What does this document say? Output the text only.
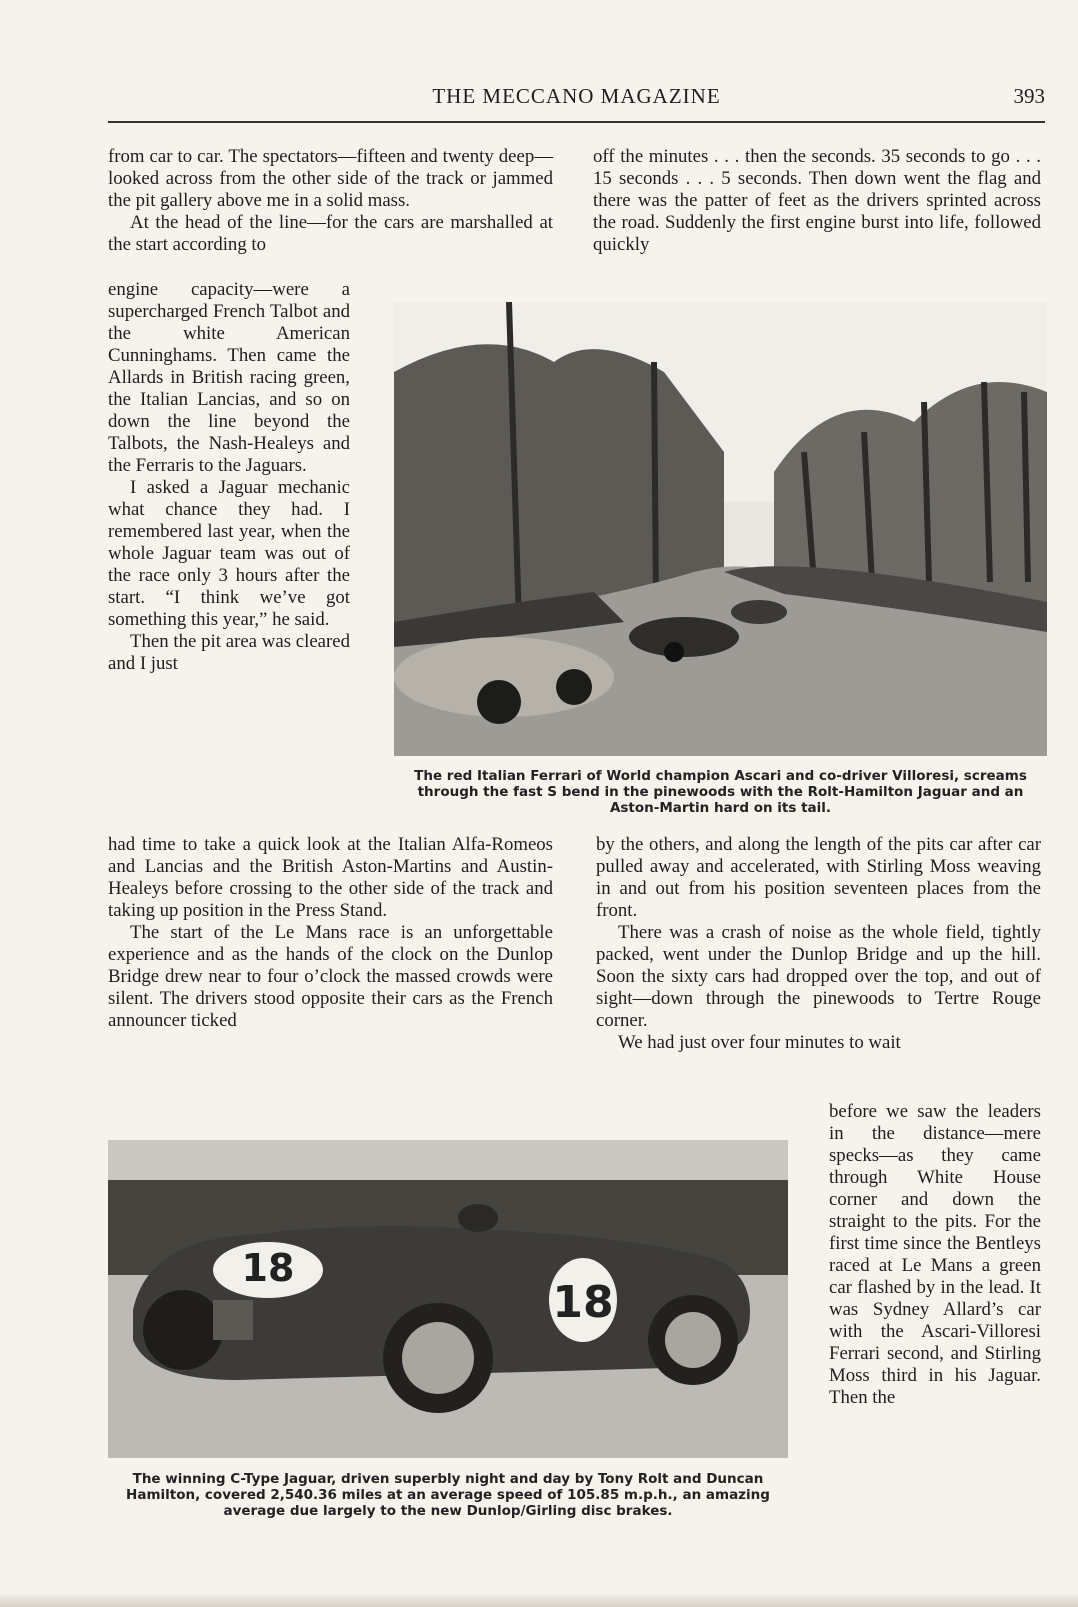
THE MECCANO MAGAZINE	393

from car to car. The spectators—fifteen and twenty deep—looked across from the other side of the track or jammed the pit gallery above me in a solid mass.

At the head of the line—for the cars are marshalled at the start according to

off the minutes . . . then the seconds. 35 seconds to go . . . 15 seconds . . . 5 seconds. Then down went the flag and there was the patter of feet as the drivers sprinted across the road. Suddenly the first engine burst into life, followed quickly

engine capacity—were a supercharged French Talbot and the white American Cunninghams. Then came the Allards in British racing green, the Italian Lancias, and so on down the line beyond the Talbots, the Nash-Healeys and the Ferraris to the Jaguars.

I asked a Jaguar mechanic what chance they had. I remembered last year, when the whole Jaguar team was out of the race only 3 hours after the start. “I think we’ve got something this year,” he said.

Then the pit area was cleared and I just

The red Italian Ferrari of World champion Ascari and co-driver Villoresi, screams through the fast S bend in the pinewoods with the Rolt-Hamilton Jaguar and an Aston-Martin hard on its tail.

had time to take a quick look at the Italian Alfa-Romeos and Lancias and the British Aston-Martins and Austin-Healeys before crossing to the other side of the track and taking up position in the Press Stand.

The start of the Le Mans race is an unforgettable experience and as the hands of the clock on the Dunlop Bridge drew near to four o’clock the massed crowds were silent. The drivers stood opposite their cars as the French announcer ticked

by the others, and along the length of the pits car after car pulled away and accelerated, with Stirling Moss weaving in and out from his position seventeen places from the front.

There was a crash of noise as the whole field, tightly packed, went under the Dunlop Bridge and up the hill. Soon the sixty cars had dropped over the top, and out of sight—down through the pinewoods to Tertre Rouge corner.

We had just over four minutes to wait

before we saw the leaders in the distance—mere specks—as they came through White House corner and down the straight to the pits. For the first time since the Bentleys raced at Le Mans a green car flashed by in the lead. It was Sydney Allard’s car with the Ascari-Villoresi Ferrari second, and Stirling Moss third in his Jaguar. Then the

18
18
The winning C-Type Jaguar, driven superbly night and day by Tony Rolt and Duncan Hamilton, covered 2,540.36 miles at an average speed of 105.85 m.p.h., an amazing average due largely to the new Dunlop/Girling disc brakes.
